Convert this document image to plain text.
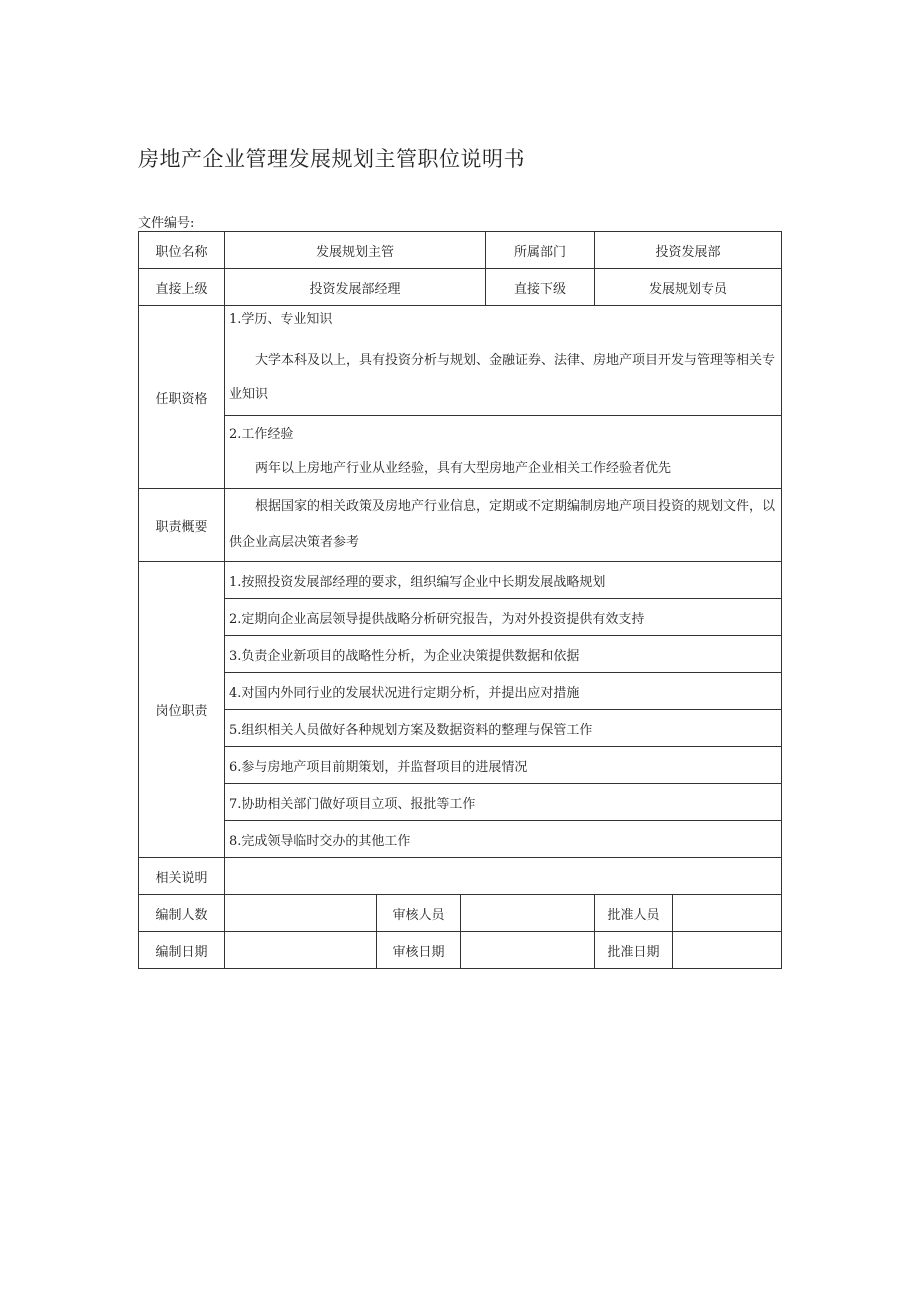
房地产企业管理发展规划主管职位说明书
文件编号:
职位名称	发展规划主管			所属部门	投资发展部	
直接上级	投资发展部经理			直接下级	发展规划专员	
任职资格	1.学历、专业知识
大学本科及以上，具有投资分析与规划、金融证券、法律、房地产项目开发与管理等相关专业知识					

	2.工作经验
两年以上房地产行业从业经验，具有大型房地产企业相关工作经验者优先					

职责概要	根据国家的相关政策及房地产行业信息，定期或不定期编制房地产项目投资的规划文件，以供企业高层决策者参考					

岗位职责	1.按照投资发展部经理的要求，组织编写企业中长期发展战略规划					
	2.定期向企业高层领导提供战略分析研究报告，为对外投资提供有效支持					
	3.负责企业新项目的战略性分析，为企业决策提供数据和依据					
	4.对国内外同行业的发展状况进行定期分析，并提出应对措施					
	5.组织相关人员做好各种规划方案及数据资料的整理与保管工作					
	6.参与房地产项目前期策划，并监督项目的进展情况					
	7.协助相关部门做好项目立项、报批等工作					
	8.完成领导临时交办的其他工作					
相关说明						
编制人数		审核人员			批准人员	
编制日期		审核日期			批准日期	
